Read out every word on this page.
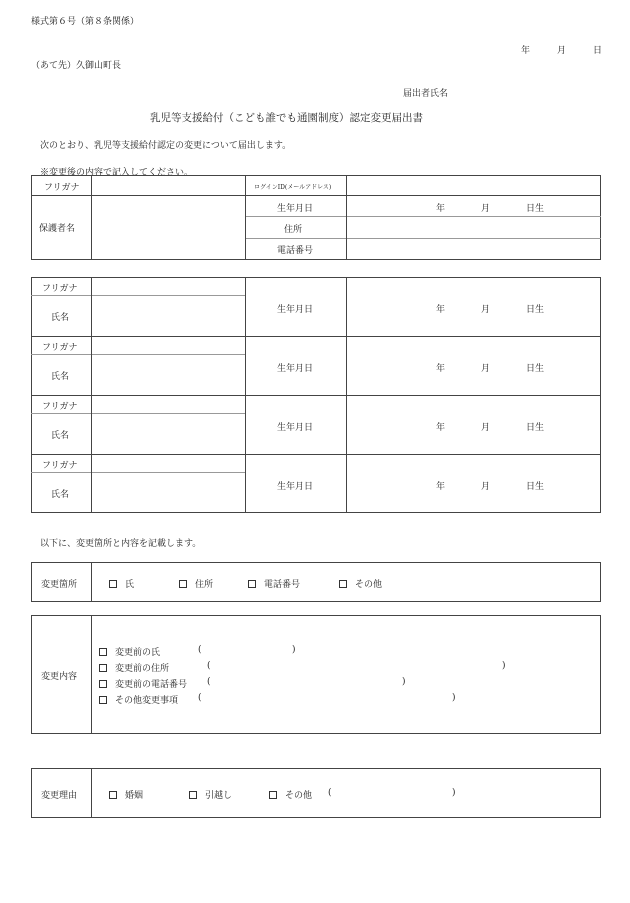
様式第６号（第８条関係）
年　　　月　　　日
（あて先）久御山町長
届出者氏名
乳児等支援給付（こども誰でも通園制度）認定変更届出書
次のとおり、乳児等支援給付認定の変更について届出します。
※変更後の内容で記入してください。
フリガナ	ログインID(メールアドレス)
保護者名
生年月日	年　　　　月　　　　日生
住所
電話番号
フリガナ
氏名
生年月日	年　　　　月　　　　日生
フリガナ
氏名
生年月日	年　　　　月　　　　日生
フリガナ
氏名
生年月日	年　　　　月　　　　日生
フリガナ
氏名
生年月日	年　　　　月　　　　日生
以下に、変更箇所と内容を記載します。
変更箇所	氏	住所	電話番号	その他
変更内容
変更前の氏	(	)
変更前の住所	(	)
変更前の電話番号 (	)
その他変更事項 (	)
変更理由	婚姻	引越し	その他 (	)
